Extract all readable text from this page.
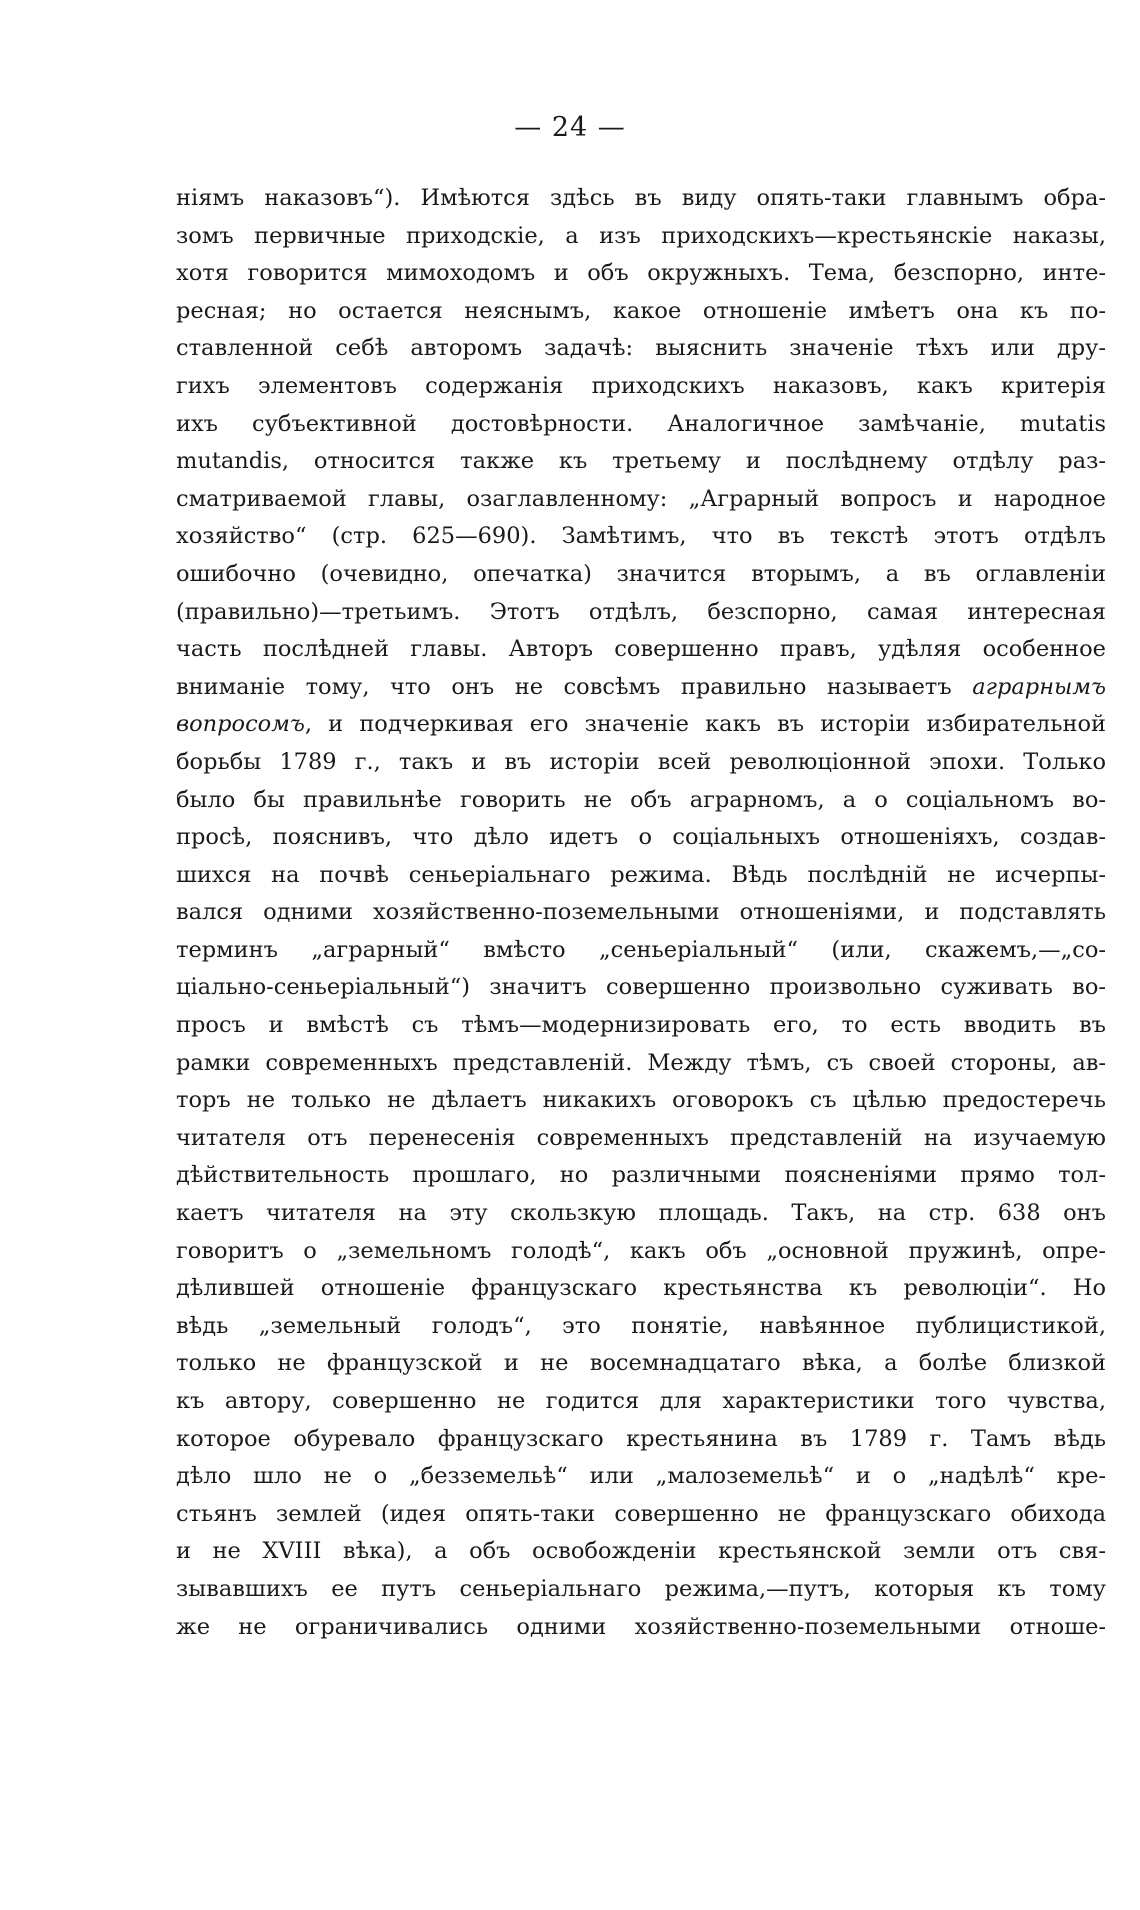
— 24 —
ніямъ наказовъ“). Имѣются здѣсь въ виду опять-таки главнымъ обра-
зомъ первичные приходскіе, а изъ приходскихъ—крестьянскіе наказы,
хотя говорится мимоходомъ и объ окружныхъ. Тема, безспорно, инте-
ресная; но остается неяснымъ, какое отношеніе имѣетъ она къ по-
ставленной себѣ авторомъ задачѣ: выяснить значеніе тѣхъ или дру-
гихъ элементовъ содержанія приходскихъ наказовъ, какъ критерія
ихъ субъективной достовѣрности. Аналогичное замѣчаніе, mutatis
mutandis, относится также къ третьему и послѣднему отдѣлу раз-
сматриваемой главы, озаглавленному: „Аграрный вопросъ и народное
хозяйство“ (стр. 625—690). Замѣтимъ, что въ текстѣ этотъ отдѣлъ
ошибочно (очевидно, опечатка) значится вторымъ, а въ оглавленіи
(правильно)—третьимъ. Этотъ отдѣлъ, безспорно, самая интересная
часть послѣдней главы. Авторъ совершенно правъ, удѣляя особенное
вниманіе тому, что онъ не совсѣмъ правильно называетъ аграрнымъ
вопросомъ, и подчеркивая его значеніе какъ въ исторіи избирательной
борьбы 1789 г., такъ и въ исторіи всей революціонной эпохи. Только
было бы правильнѣе говорить не объ аграрномъ, а о соціальномъ во-
просѣ, пояснивъ, что дѣло идетъ о соціальныхъ отношеніяхъ, создав-
шихся на почвѣ сеньеріальнаго режима. Вѣдь послѣдній не исчерпы-
вался одними хозяйственно-поземельными отношеніями, и подставлять
терминъ „аграрный“ вмѣсто „сеньеріальный“ (или, скажемъ,—„со-
ціально-сеньеріальный“) значитъ совершенно произвольно суживать во-
просъ и вмѣстѣ съ тѣмъ—модернизировать его, то есть вводить въ
рамки современныхъ представленій. Между тѣмъ, съ своей стороны, ав-
торъ не только не дѣлаетъ никакихъ оговорокъ съ цѣлью предостеречь
читателя отъ перенесенія современныхъ представленій на изучаемую
дѣйствительность прошлаго, но различными поясненіями прямо тол-
каетъ читателя на эту скользкую площадь. Такъ, на стр. 638 онъ
говоритъ о „земельномъ голодѣ“, какъ объ „основной пружинѣ, опре-
дѣлившей отношеніе французскаго крестьянства къ революціи“. Но
вѣдь „земельный голодъ“, это понятіе, навѣянное публицистикой,
только не французской и не восемнадцатаго вѣка, а болѣе близкой
къ автору, совершенно не годится для характеристики того чувства,
которое обуревало французскаго крестьянина въ 1789 г. Тамъ вѣдь
дѣло шло не о „безземельѣ“ или „малоземельѣ“ и о „надѣлѣ“ кре-
стьянъ землей (идея опять-таки совершенно не французскаго обихода
и не XVIII вѣка), а объ освобожденіи крестьянской земли отъ свя-
зывавшихъ ее путъ сеньеріальнаго режима,—путъ, которыя къ тому
же не ограничивались одними хозяйственно-поземельными отноше-
